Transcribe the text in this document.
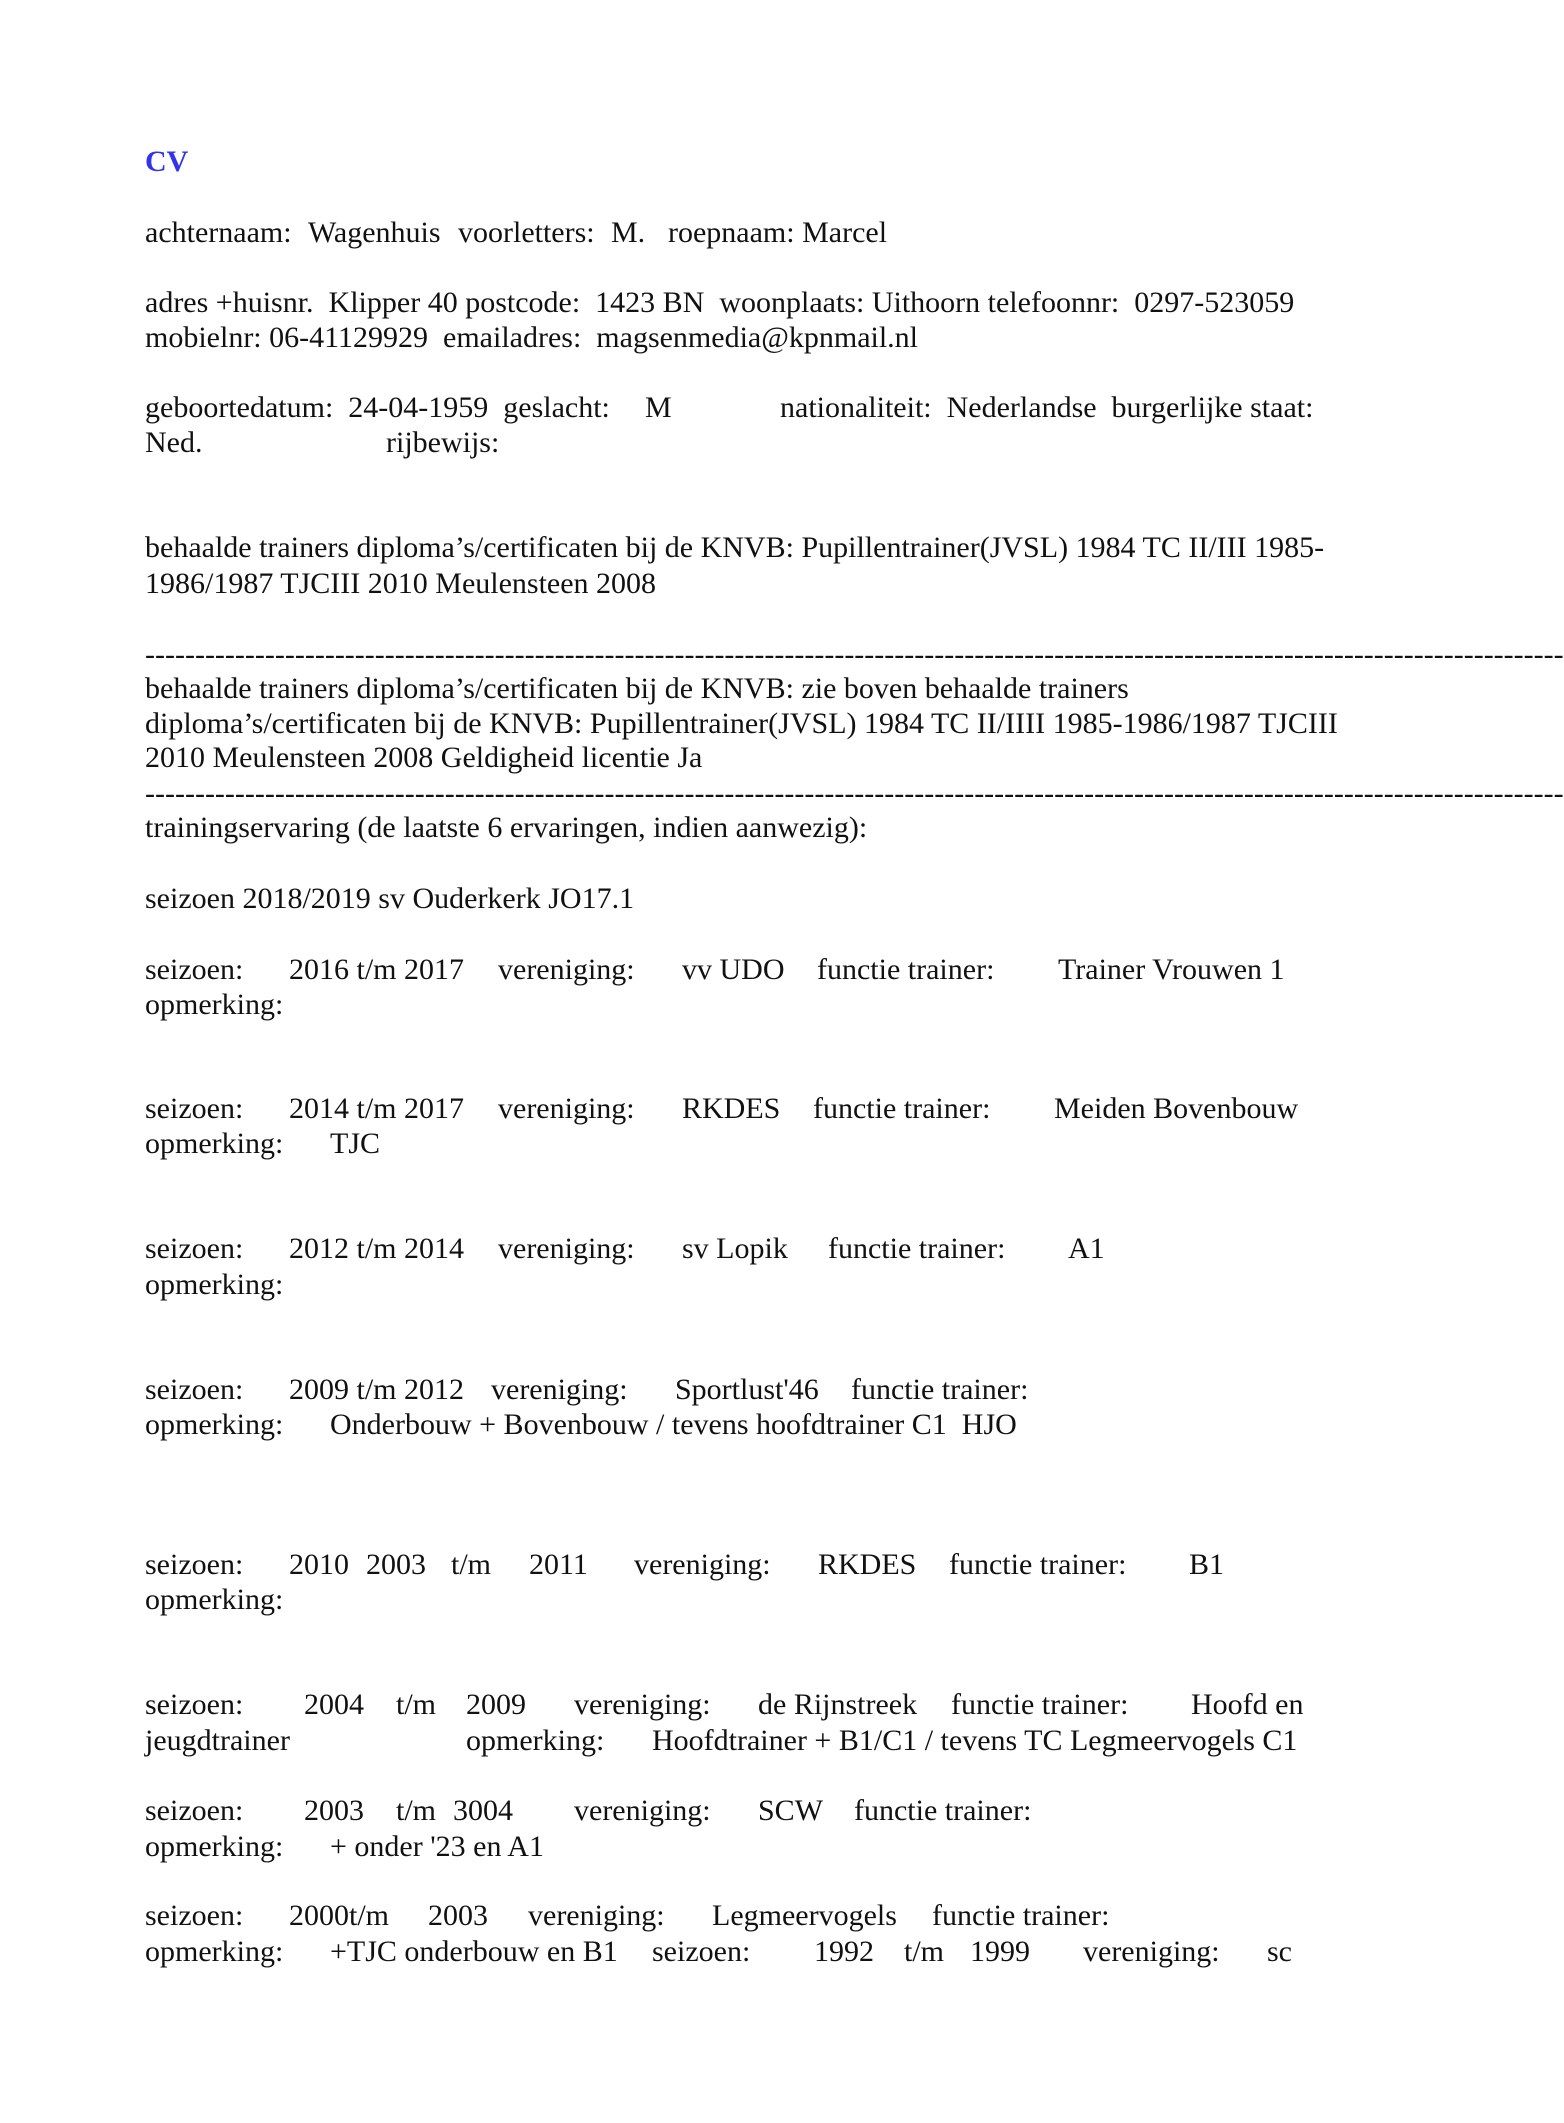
CV
achternaam: Wagenhuis voorletters: M. roepnaam: Marcel
adres +huisnr.  Klipper 40 postcode:  1423 BN  woonplaats: Uithoorn telefoonnr:  0297-523059
mobielnr: 06-41129929  emailadres:  magsenmedia@kpnmail.nl
geboortedatum:  24-04-1959  geslacht: M	nationaliteit:  Nederlandse  burgerlijke staat:
Ned.	rijbewijs:
behaalde trainers diploma’s/certificaten bij de KNVB: Pupillentrainer(JVSL) 1984 TC II/III 1985-
1986/1987 TJCIII 2010 Meulensteen 2008
----------------------------------------------------------------------------------------------------------------------------------------------
behaalde trainers diploma’s/certificaten bij de KNVB: zie boven behaalde trainers
diploma’s/certificaten bij de KNVB: Pupillentrainer(JVSL) 1984 TC II/IIII 1985-1986/1987 TJCIII
2010 Meulensteen 2008 Geldigheid licentie Ja
----------------------------------------------------------------------------------------------------------------------------------------------
trainingservaring (de laatste 6 ervaringen, indien aanwezig):
seizoen 2018/2019 sv Ouderkerk JO17.1
seizoen: 2016 t/m 2017 vereniging: vv UDO functie trainer: Trainer Vrouwen 1
opmerking:
seizoen: 2014 t/m 2017 vereniging: RKDES functie trainer: Meiden Bovenbouw
opmerking: TJC
seizoen: 2012 t/m 2014 vereniging: sv Lopik functie trainer: A1
opmerking:
seizoen: 2009 t/m 2012 vereniging: Sportlust'46 functie trainer:
opmerking: Onderbouw + Bovenbouw / tevens hoofdtrainer C1  HJO
seizoen: 2010 2003 t/m 2011 vereniging: RKDES functie trainer: B1
opmerking:
seizoen: 2004 t/m 2009 vereniging: de Rijnstreek functie trainer: Hoofd en
jeugdtrainer	opmerking: Hoofdtrainer + B1/C1 / tevens TC Legmeervogels C1
seizoen: 2003 t/m 3004 vereniging: SCW functie trainer:
opmerking: + onder '23 en A1
seizoen: 2000 t/m 2003 vereniging: Legmeervogels functie trainer:
opmerking: +TJC onderbouw en B1 seizoen: 1992 t/m 1999 vereniging: sc
